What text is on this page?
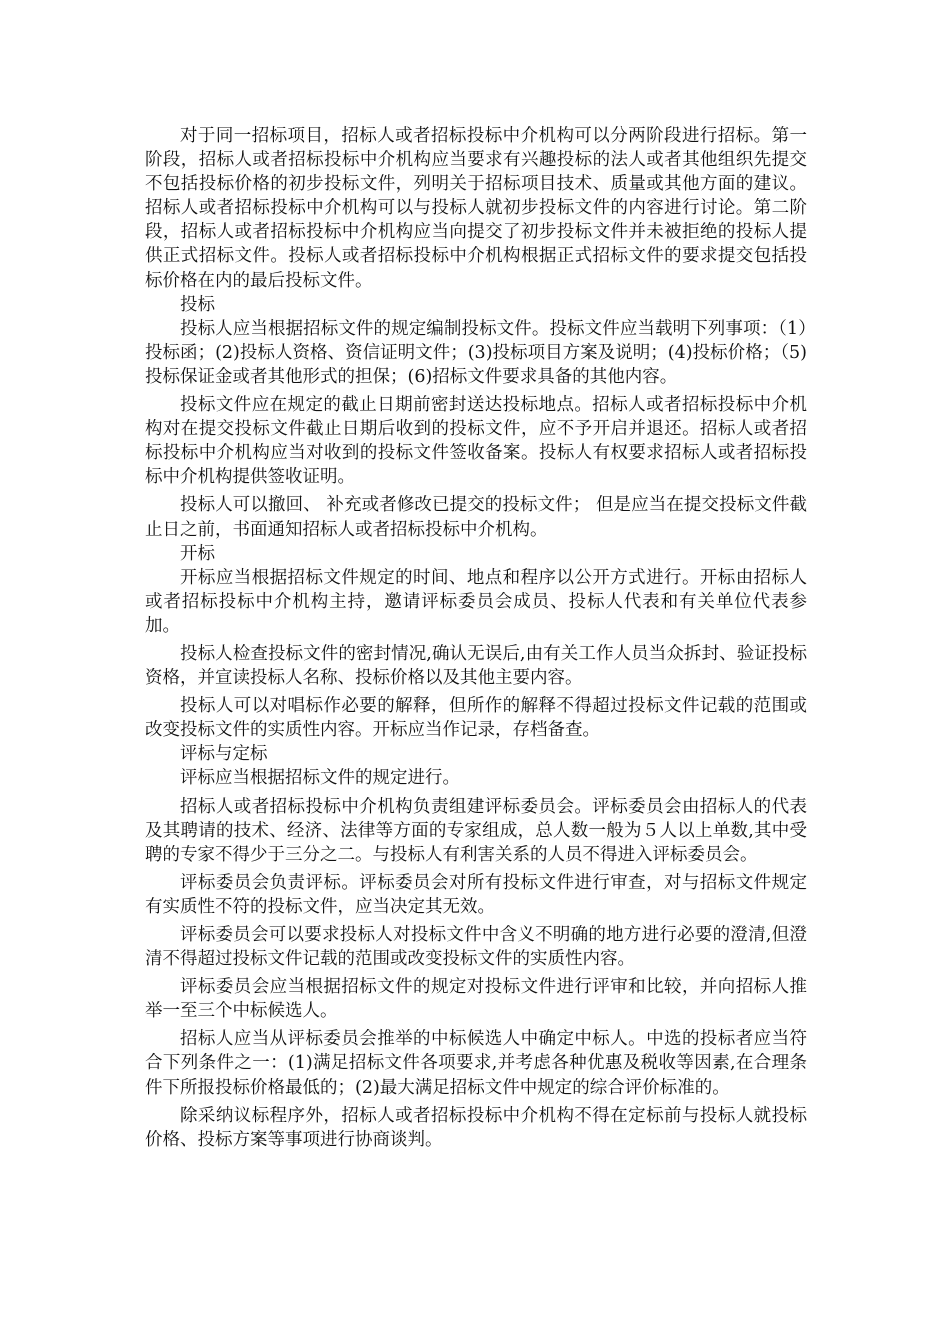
对于同一招标项目，招标人或者招标投标中介机构可以分两阶段进行招标。第一阶段，招标人或者招标投标中介机构应当要求有兴趣投标的法人或者其他组织先提交不包括投标价格的初步投标文件，列明关于招标项目技术、质量或其他方面的建议。招标人或者招标投标中介机构可以与投标人就初步投标文件的内容进行讨论。第二阶段，招标人或者招标投标中介机构应当向提交了初步投标文件并未被拒绝的投标人提供正式招标文件。投标人或者招标投标中介机构根据正式招标文件的要求提交包括投标价格在内的最后投标文件。

投标

投标人应当根据招标文件的规定编制投标文件。投标文件应当载明下列事项：（1）投标函；(2)投标人资格、资信证明文件；(3)投标项目方案及说明；(4)投标价格；（5)投标保证金或者其他形式的担保；(6)招标文件要求具备的其他内容。

投标文件应在规定的截止日期前密封送达投标地点。招标人或者招标投标中介机构对在提交投标文件截止日期后收到的投标文件，应不予开启并退还。招标人或者招标投标中介机构应当对收到的投标文件签收备案。投标人有权要求招标人或者招标投标中介机构提供签收证明。

投标人可以撤回、 补充或者修改已提交的投标文件； 但是应当在提交投标文件截止日之前，书面通知招标人或者招标投标中介机构。

开标

开标应当根据招标文件规定的时间、地点和程序以公开方式进行。开标由招标人或者招标投标中介机构主持，邀请评标委员会成员、投标人代表和有关单位代表参加。

投标人检查投标文件的密封情况,确认无误后,由有关工作人员当众拆封、验证投标资格，并宣读投标人名称、投标价格以及其他主要内容。

投标人可以对唱标作必要的解释，但所作的解释不得超过投标文件记载的范围或改变投标文件的实质性内容。开标应当作记录，存档备查。

评标与定标

评标应当根据招标文件的规定进行。

招标人或者招标投标中介机构负责组建评标委员会。评标委员会由招标人的代表及其聘请的技术、经济、法律等方面的专家组成，总人数一般为５人以上单数,其中受聘的专家不得少于三分之二。与投标人有利害关系的人员不得进入评标委员会。

评标委员会负责评标。评标委员会对所有投标文件进行审查，对与招标文件规定有实质性不符的投标文件，应当决定其无效。

评标委员会可以要求投标人对投标文件中含义不明确的地方进行必要的澄清,但澄清不得超过投标文件记载的范围或改变投标文件的实质性内容。

评标委员会应当根据招标文件的规定对投标文件进行评审和比较，并向招标人推举一至三个中标候选人。

招标人应当从评标委员会推举的中标候选人中确定中标人。中选的投标者应当符合下列条件之一：(1)满足招标文件各项要求,并考虑各种优惠及税收等因素,在合理条件下所报投标价格最低的；(2)最大满足招标文件中规定的综合评价标准的。

除采纳议标程序外，招标人或者招标投标中介机构不得在定标前与投标人就投标价格、投标方案等事项进行协商谈判。
